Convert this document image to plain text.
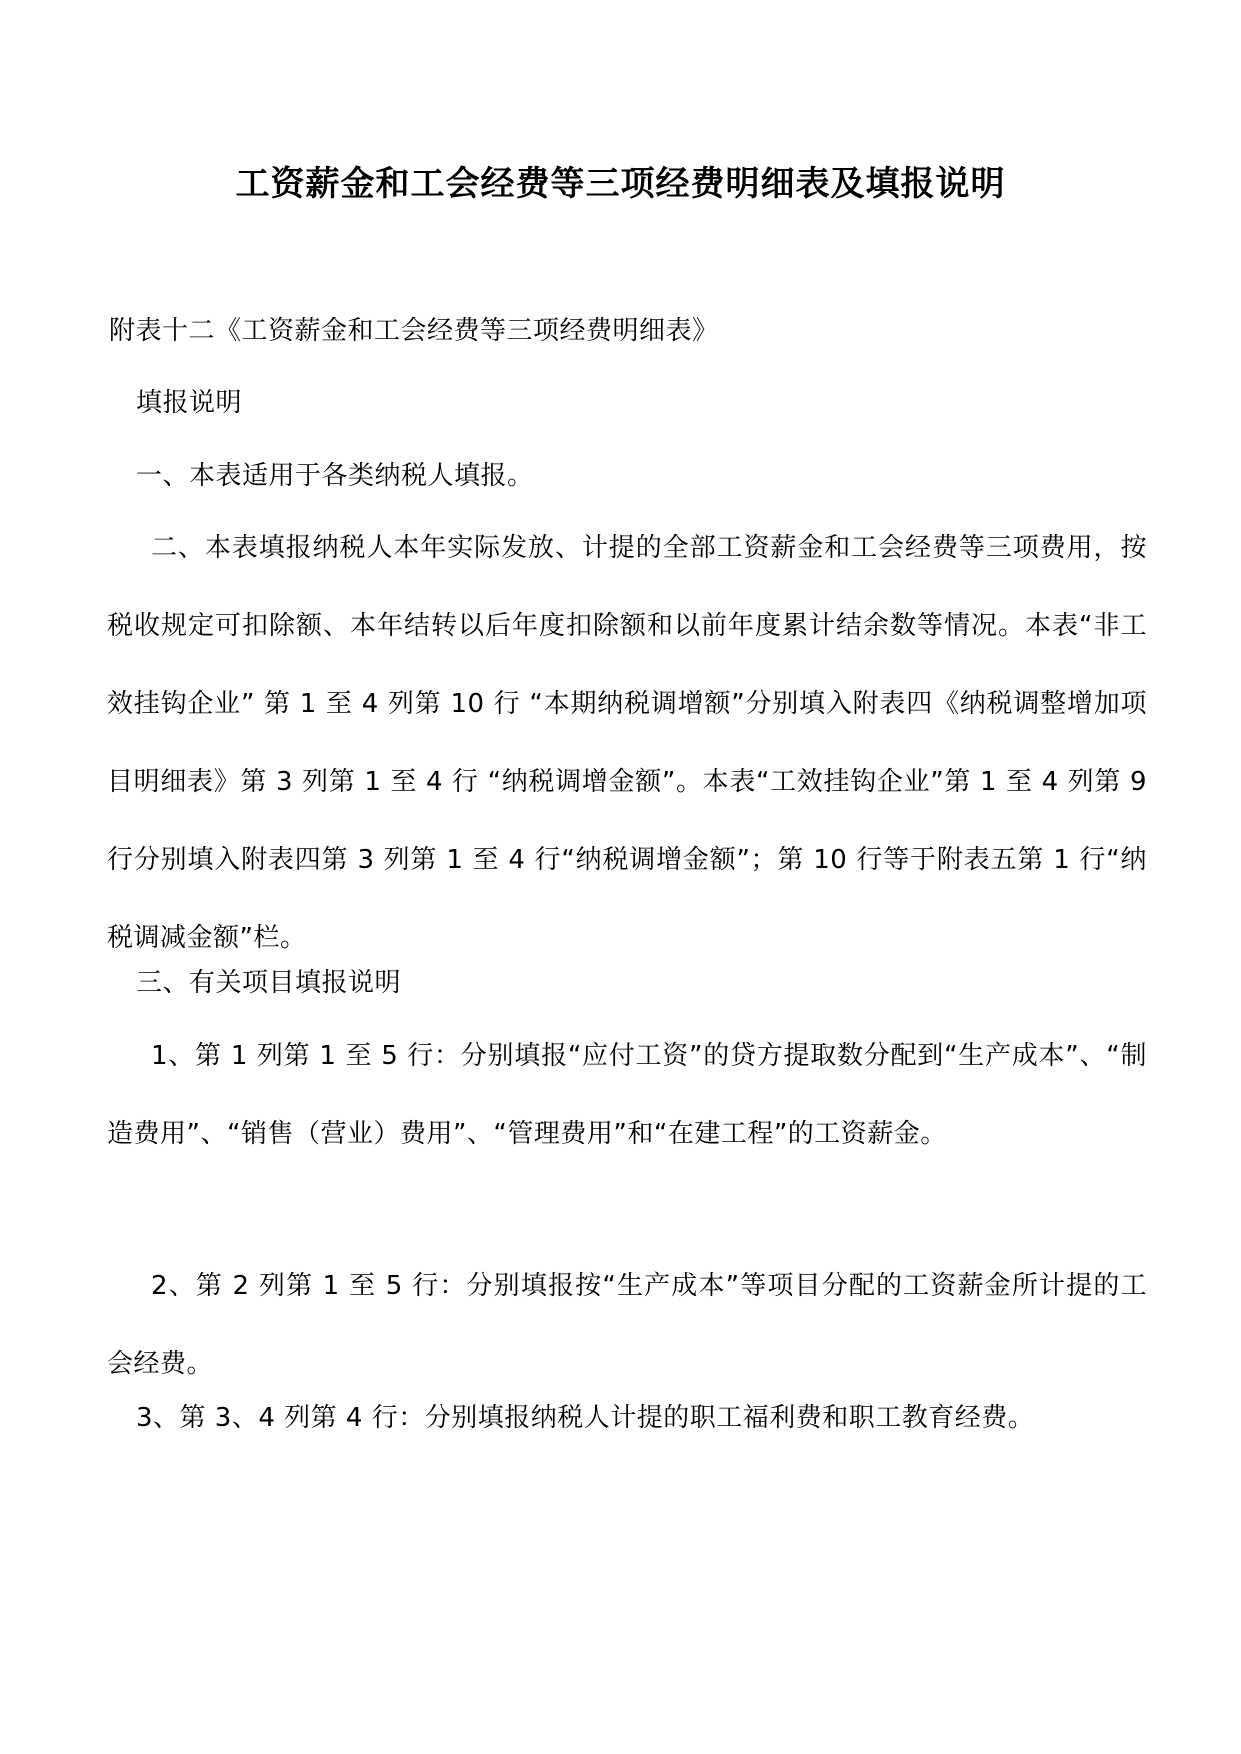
工资薪金和工会经费等三项经费明细表及填报说明
附表十二《工资薪金和工会经费等三项经费明细表》
填报说明
一、本表适用于各类纳税人填报。

二、本表填报纳税人本年实际发放、计提的全部工资薪金和工会经费等三项费用，按税收规定可扣除额、本年结转以后年度扣除额和以前年度累计结余数等情况。本表“非工效挂钩企业” 第 1 至 4 列第 10 行 “本期纳税调增额”分别填入附表四《纳税调整增加项目明细表》第 3 列第 1 至 4 行 “纳税调增金额”。本表“工效挂钩企业”第 1 至 4 列第 9 行分别填入附表四第 3 列第 1 至 4 行“纳税调增金额”；第 10 行等于附表五第 1 行“纳税调减金额”栏。

三、有关项目填报说明

1、第 1 列第 1 至 5 行：分别填报“应付工资”的贷方提取数分配到“生产成本”、“制造费用”、“销售（营业）费用”、“管理费用”和“在建工程”的工资薪金。

2、第 2 列第 1 至 5 行：分别填报按“生产成本”等项目分配的工资薪金所计提的工会经费。

3、第 3、4 列第 4 行：分别填报纳税人计提的职工福利费和职工教育经费。
